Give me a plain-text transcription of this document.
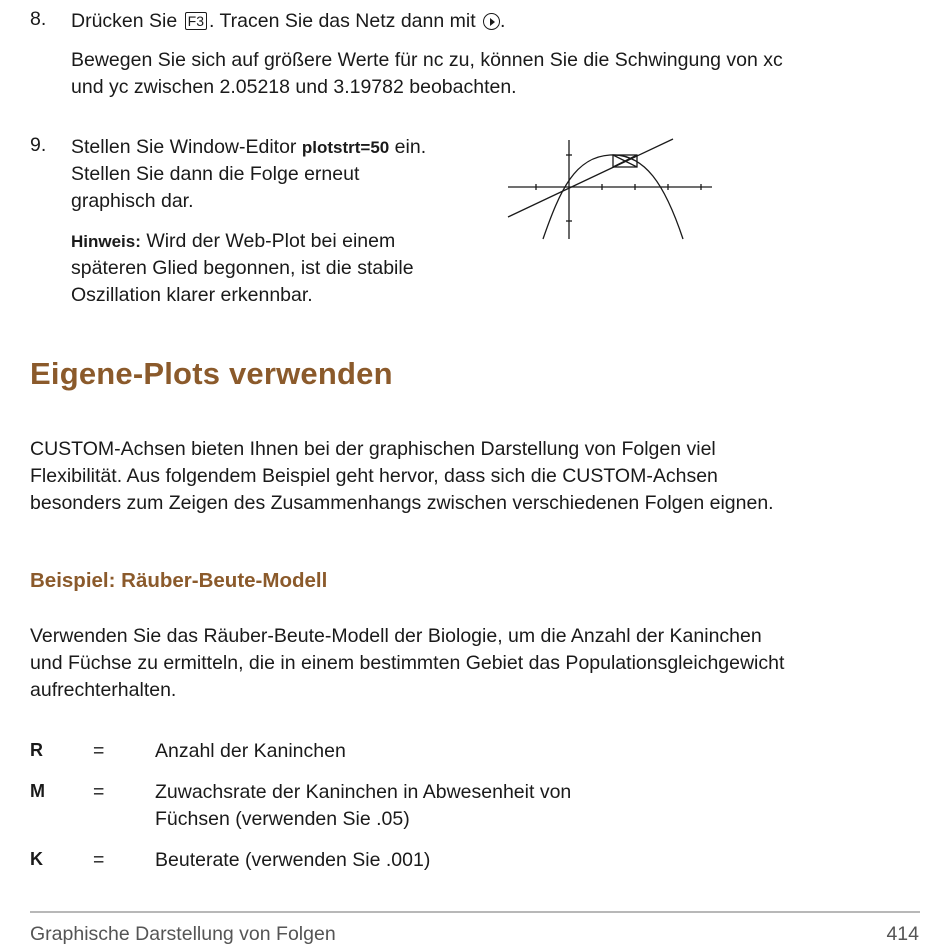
8. Drücken Sie F3 . Tracen Sie das Netz dann mit .
Bewegen Sie sich auf größere Werte für nc zu, können Sie die Schwingung von xc
und yc zwischen 2.05218 und 3.19782 beobachten.
9. Stellen Sie Window-Editor plotstrt=50 ein.
Stellen Sie dann die Folge erneut
graphisch dar.
Hinweis: Wird der Web-Plot bei einem
späteren Glied begonnen, ist die stabile
Oszillation klarer erkennbar.
Eigene-Plots verwenden
CUSTOM-Achsen bieten Ihnen bei der graphischen Darstellung von Folgen viel
Flexibilität. Aus folgendem Beispiel geht hervor, dass sich die CUSTOM-Achsen
besonders zum Zeigen des Zusammenhangs zwischen verschiedenen Folgen eignen.
Beispiel: Räuber-Beute-Modell
Verwenden Sie das Räuber-Beute-Modell der Biologie, um die Anzahl der Kaninchen
und Füchse zu ermitteln, die in einem bestimmten Gebiet das Populationsgleichgewicht
aufrechterhalten.
R	=	Anzahl der Kaninchen
M =	Zuwachsrate der Kaninchen in Abwesenheit von
Füchsen (verwenden Sie .05)
K	=	Beuterate (verwenden Sie .001)
Graphische Darstellung von Folgen	414
